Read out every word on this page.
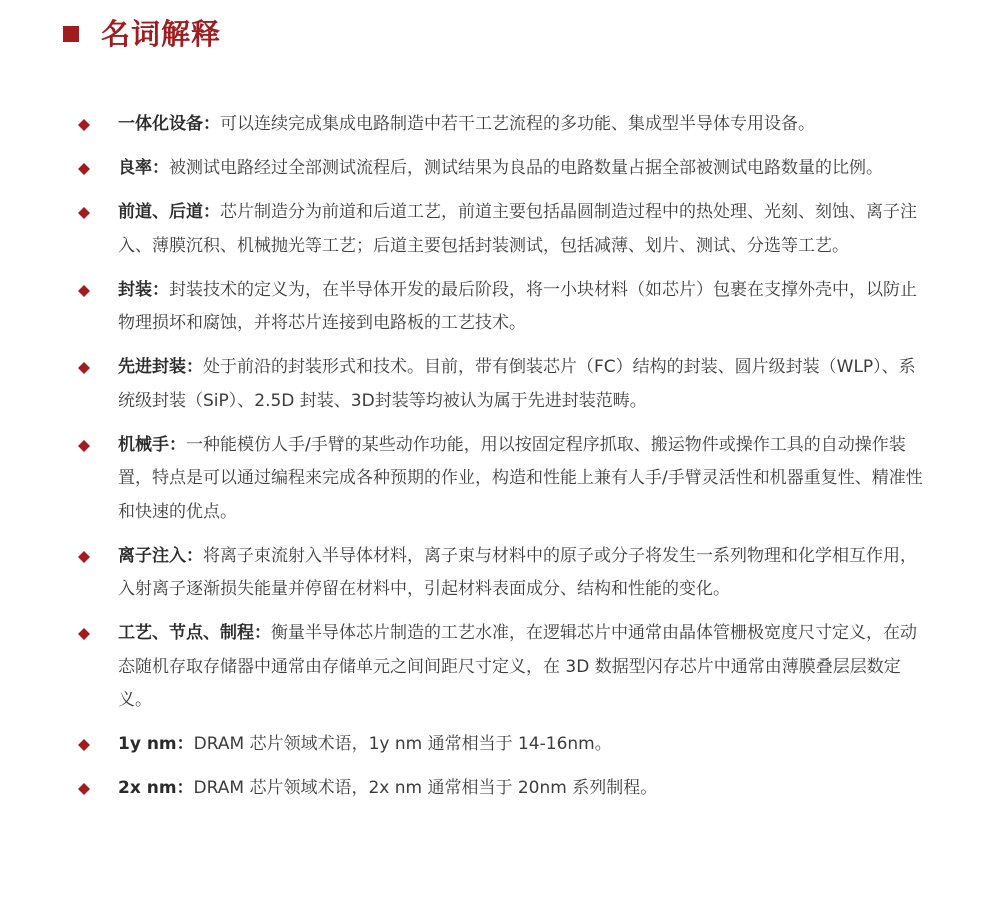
名词解释
一体化设备：可以连续完成集成电路制造中若干工艺流程的多功能、集成型半导体专用设备。
良率：被测试电路经过全部测试流程后，测试结果为良品的电路数量占据全部被测试电路数量的比例。
前道、后道：芯片制造分为前道和后道工艺，前道主要包括晶圆制造过程中的热处理、光刻、刻蚀、离子注入、薄膜沉积、机械抛光等工艺；后道主要包括封装测试，包括减薄、划片、测试、分选等工艺。
封装：封装技术的定义为，在半导体开发的最后阶段，将一小块材料（如芯片）包裹在支撑外壳中，以防止物理损坏和腐蚀，并将芯片连接到电路板的工艺技术。
先进封装：处于前沿的封装形式和技术。目前，带有倒装芯片（FC）结构的封装、圆片级封装（WLP）、系统级封装（SiP）、2.5D 封装、3D封装等均被认为属于先进封装范畴。
机械手：一种能模仿人手/手臂的某些动作功能，用以按固定程序抓取、搬运物件或操作工具的自动操作装置，特点是可以通过编程来完成各种预期的作业，构造和性能上兼有人手/手臂灵活性和机器重复性、精准性和快速的优点。
离子注入：将离子束流射入半导体材料，离子束与材料中的原子或分子将发生一系列物理和化学相互作用，入射离子逐渐损失能量并停留在材料中，引起材料表面成分、结构和性能的变化。
工艺、节点、制程：衡量半导体芯片制造的工艺水准，在逻辑芯片中通常由晶体管栅极宽度尺寸定义，在动态随机存取存储器中通常由存储单元之间间距尺寸定义，在 3D 数据型闪存芯片中通常由薄膜叠层层数定义。
1y nm：DRAM 芯片领域术语，1y nm 通常相当于 14-16nm。
2x nm：DRAM 芯片领域术语，2x nm 通常相当于 20nm 系列制程。
